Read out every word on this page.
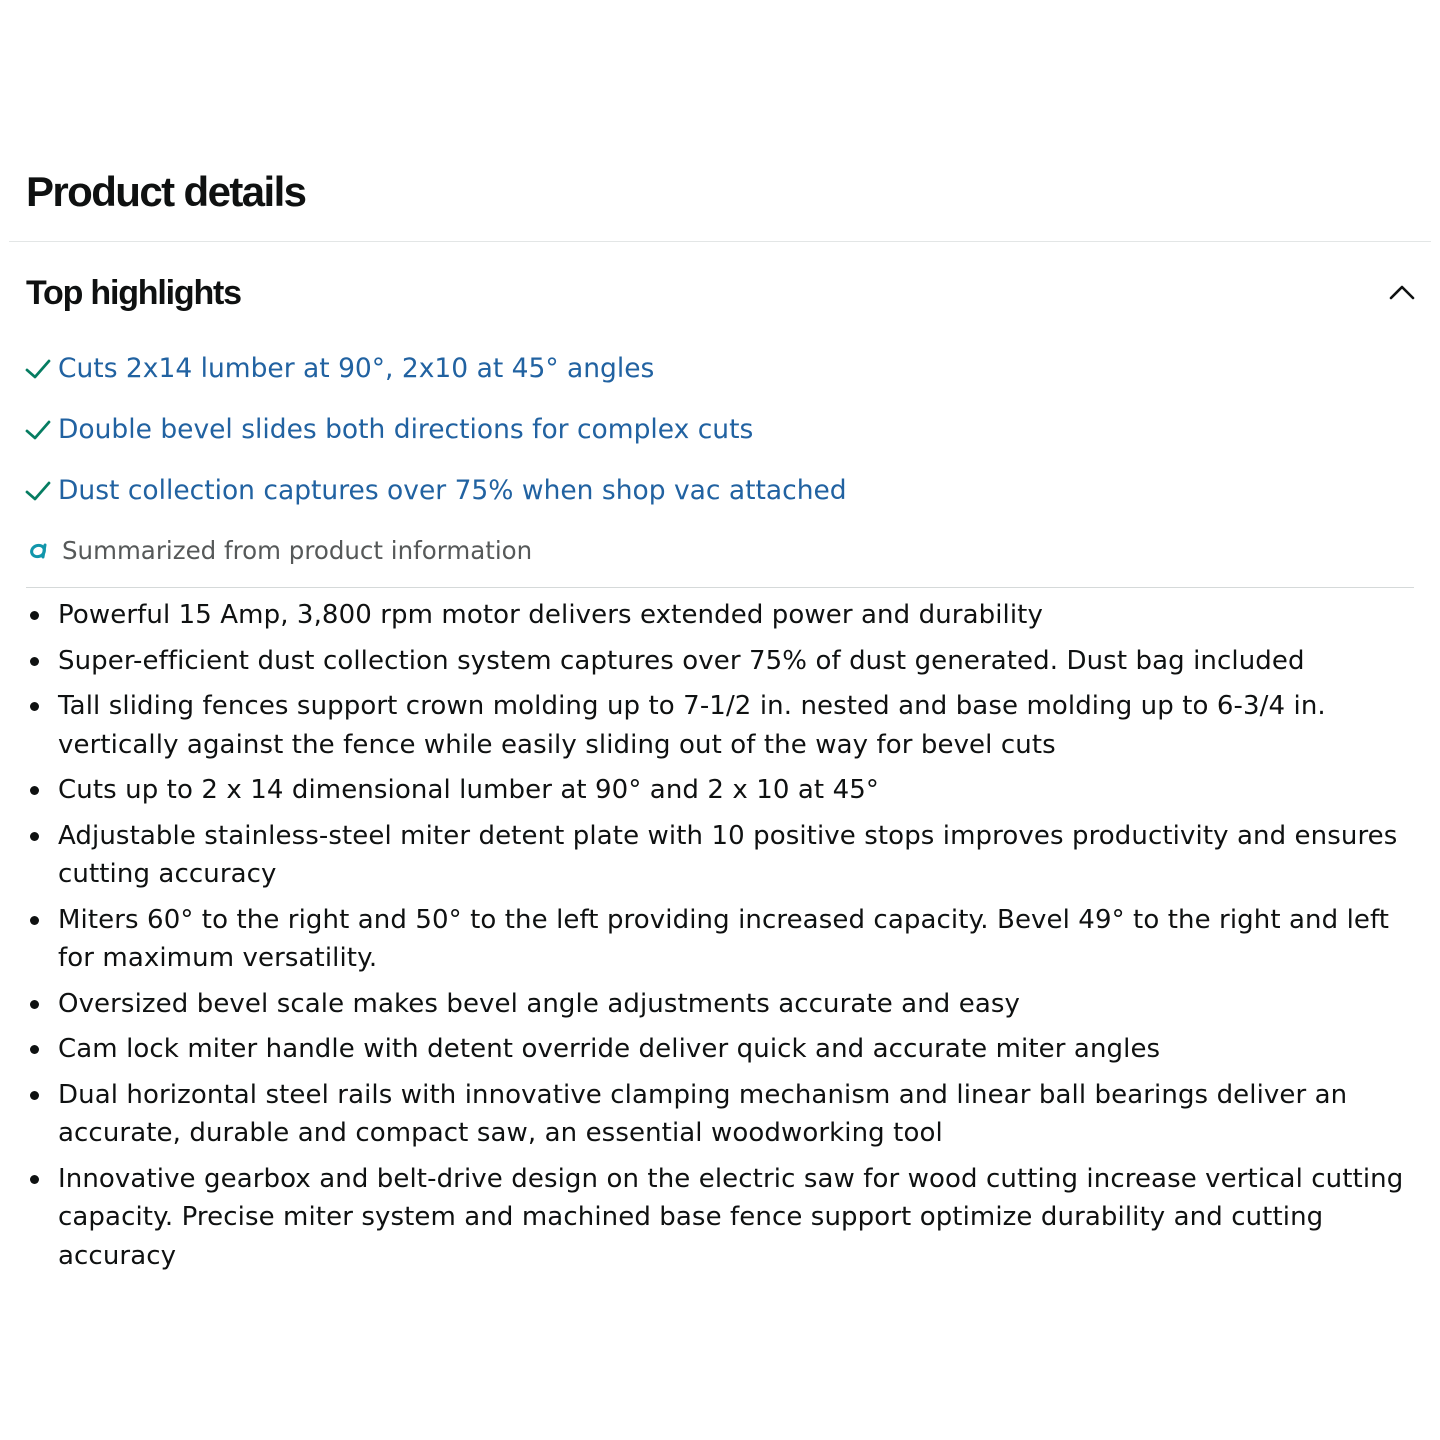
Product details
Top highlights
Cuts 2x14 lumber at 90°, 2x10 at 45° angles
Double bevel slides both directions for complex cuts
Dust collection captures over 75% when shop vac attached
Summarized from product information
Powerful 15 Amp, 3,800 rpm motor delivers extended power and durability
Super-efficient dust collection system captures over 75% of dust generated. Dust bag included
Tall sliding fences support crown molding up to 7-1/2 in. nested and base molding up to 6-3/4 in. vertically against the fence while easily sliding out of the way for bevel cuts
Cuts up to 2 x 14 dimensional lumber at 90° and 2 x 10 at 45°
Adjustable stainless-steel miter detent plate with 10 positive stops improves productivity and ensures cutting accuracy
Miters 60° to the right and 50° to the left providing increased capacity. Bevel 49° to the right and left for maximum versatility.
Oversized bevel scale makes bevel angle adjustments accurate and easy
Cam lock miter handle with detent override deliver quick and accurate miter angles
Dual horizontal steel rails with innovative clamping mechanism and linear ball bearings deliver an accurate, durable and compact saw, an essential woodworking tool
Innovative gearbox and belt-drive design on the electric saw for wood cutting increase vertical cutting capacity. Precise miter system and machined base fence support optimize durability and cutting accuracy
